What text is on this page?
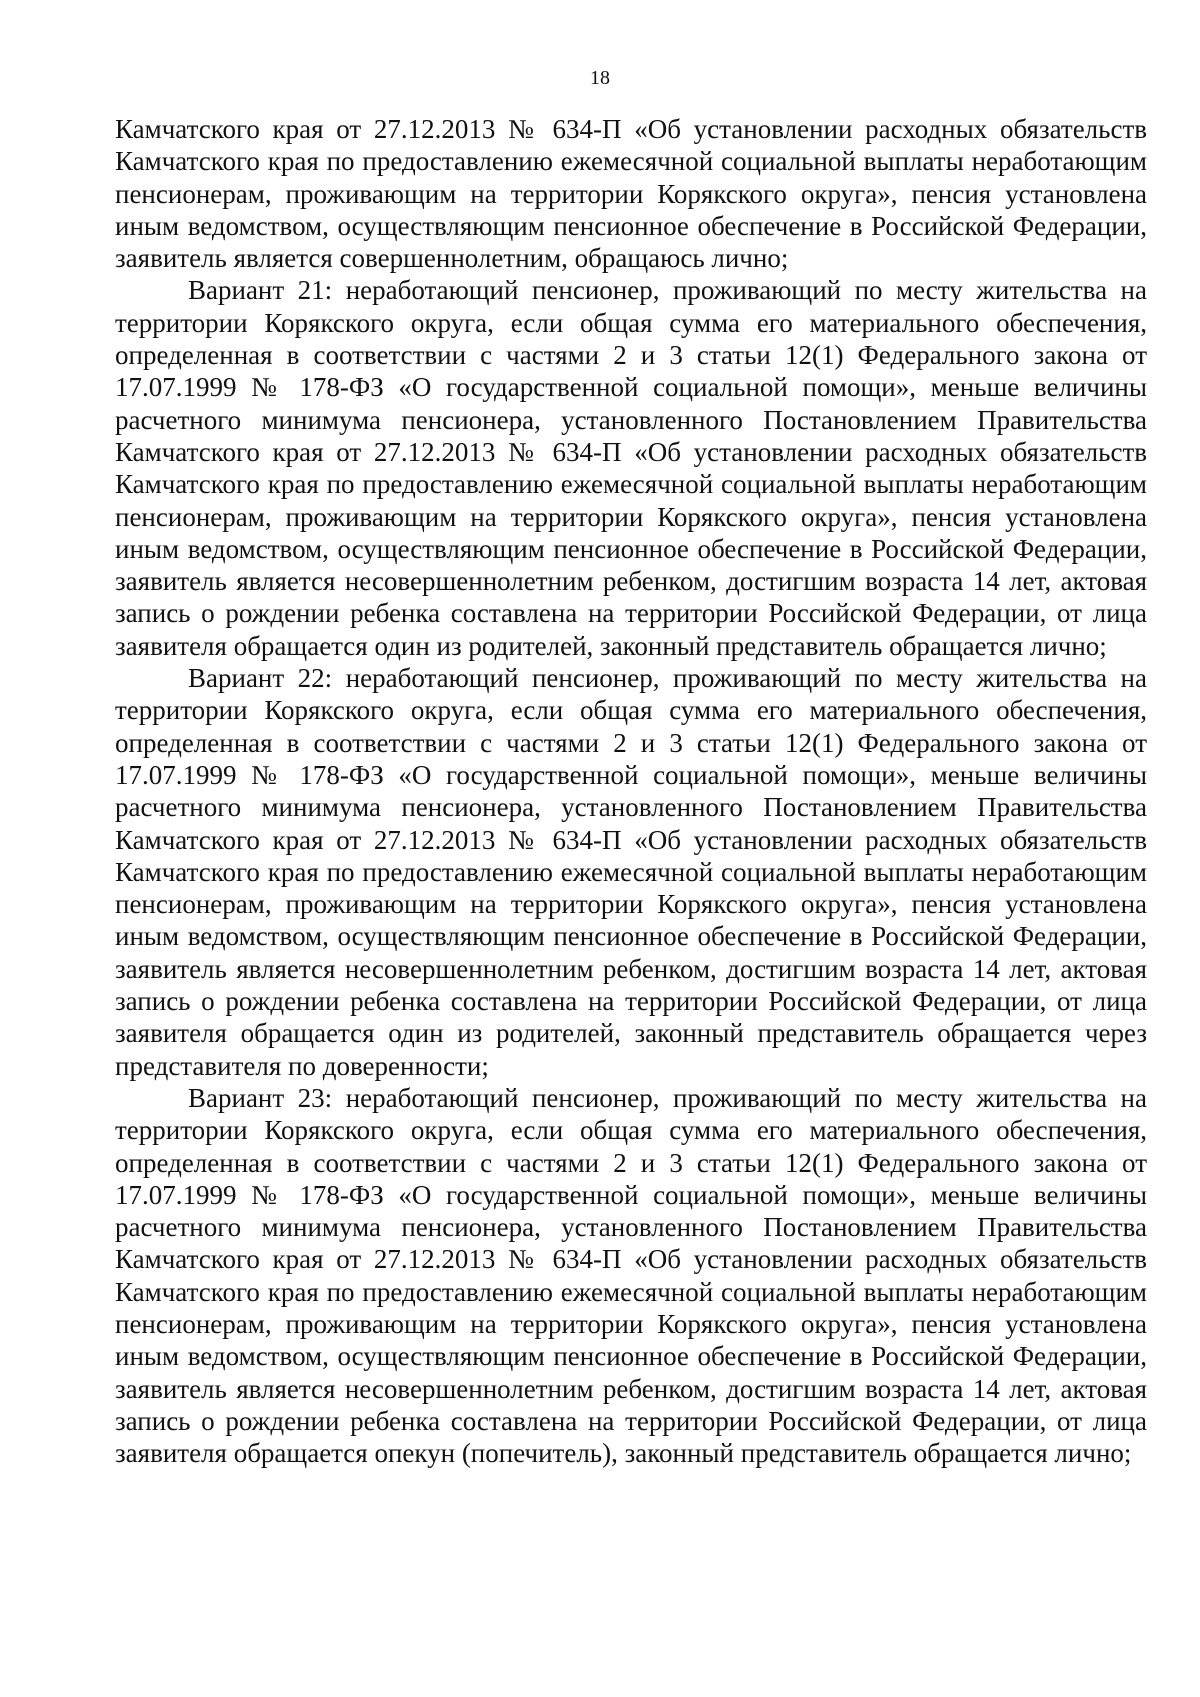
18

Камчатского края от 27.12.2013 № 634-П «Об установлении расходных обязательств Камчатского края по предоставлению ежемесячной социальной выплаты неработающим пенсионерам, проживающим на территории Корякского округа», пенсия установлена иным ведомством, осуществляющим пенсионное обеспечение в Российской Федерации, заявитель является совершеннолетним, обращаюсь лично;

Вариант 21: неработающий пенсионер, проживающий по месту жительства на территории Корякского округа, если общая сумма его материального обеспечения, определенная в соответствии с частями 2 и 3 статьи 12(1) Федерального закона от 17.07.1999 № 178-ФЗ «О государственной социальной помощи», меньше величины расчетного минимума пенсионера, установленного Постановлением Правительства Камчатского края от 27.12.2013 № 634-П «Об установлении расходных обязательств Камчатского края по предоставлению ежемесячной социальной выплаты неработающим пенсионерам, проживающим на территории Корякского округа», пенсия установлена иным ведомством, осуществляющим пенсионное обеспечение в Российской Федерации, заявитель является несовершеннолетним ребенком, достигшим возраста 14 лет, актовая запись о рождении ребенка составлена на территории Российской Федерации, от лица заявителя обращается один из родителей, законный представитель обращается лично;

Вариант 22: неработающий пенсионер, проживающий по месту жительства на территории Корякского округа, если общая сумма его материального обеспечения, определенная в соответствии с частями 2 и 3 статьи 12(1) Федерального закона от 17.07.1999 № 178-ФЗ «О государственной социальной помощи», меньше величины расчетного минимума пенсионера, установленного Постановлением Правительства Камчатского края от 27.12.2013 № 634-П «Об установлении расходных обязательств Камчатского края по предоставлению ежемесячной социальной выплаты неработающим пенсионерам, проживающим на территории Корякского округа», пенсия установлена иным ведомством, осуществляющим пенсионное обеспечение в Российской Федерации, заявитель является несовершеннолетним ребенком, достигшим возраста 14 лет, актовая запись о рождении ребенка составлена на территории Российской Федерации, от лица заявителя обращается один из родителей, законный представитель обращается через представителя по доверенности;

Вариант 23: неработающий пенсионер, проживающий по месту жительства на территории Корякского округа, если общая сумма его материального обеспечения, определенная в соответствии с частями 2 и 3 статьи 12(1) Федерального закона от 17.07.1999 № 178-ФЗ «О государственной социальной помощи», меньше величины расчетного минимума пенсионера, установленного Постановлением Правительства Камчатского края от 27.12.2013 № 634-П «Об установлении расходных обязательств Камчатского края по предоставлению ежемесячной социальной выплаты неработающим пенсионерам, проживающим на территории Корякского округа», пенсия установлена иным ведомством, осуществляющим пенсионное обеспечение в Российской Федерации, заявитель является несовершеннолетним ребенком, достигшим возраста 14 лет, актовая запись о рождении ребенка составлена на территории Российской Федерации, от лица заявителя обращается опекун (попечитель), законный представитель обращается лично;
